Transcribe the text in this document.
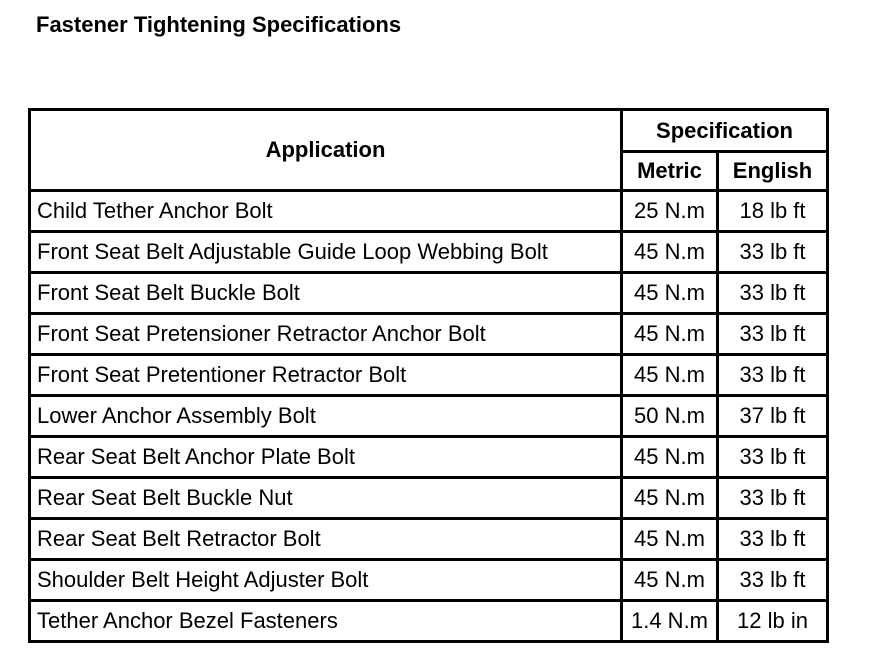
Fastener Tightening Specifications
Application	Specification	
	Metric	English
Child Tether Anchor Bolt	25 N.m	18 lb ft
Front Seat Belt Adjustable Guide Loop Webbing Bolt	45 N.m	33 lb ft
Front Seat Belt Buckle Bolt	45 N.m	33 lb ft
Front Seat Pretensioner Retractor Anchor Bolt	45 N.m	33 lb ft
Front Seat Pretentioner Retractor Bolt	45 N.m	33 lb ft
Lower Anchor Assembly Bolt	50 N.m	37 lb ft
Rear Seat Belt Anchor Plate Bolt	45 N.m	33 lb ft
Rear Seat Belt Buckle Nut	45 N.m	33 lb ft
Rear Seat Belt Retractor Bolt	45 N.m	33 lb ft
Shoulder Belt Height Adjuster Bolt	45 N.m	33 lb ft
Tether Anchor Bezel Fasteners	1.4 N.m	12 lb in
